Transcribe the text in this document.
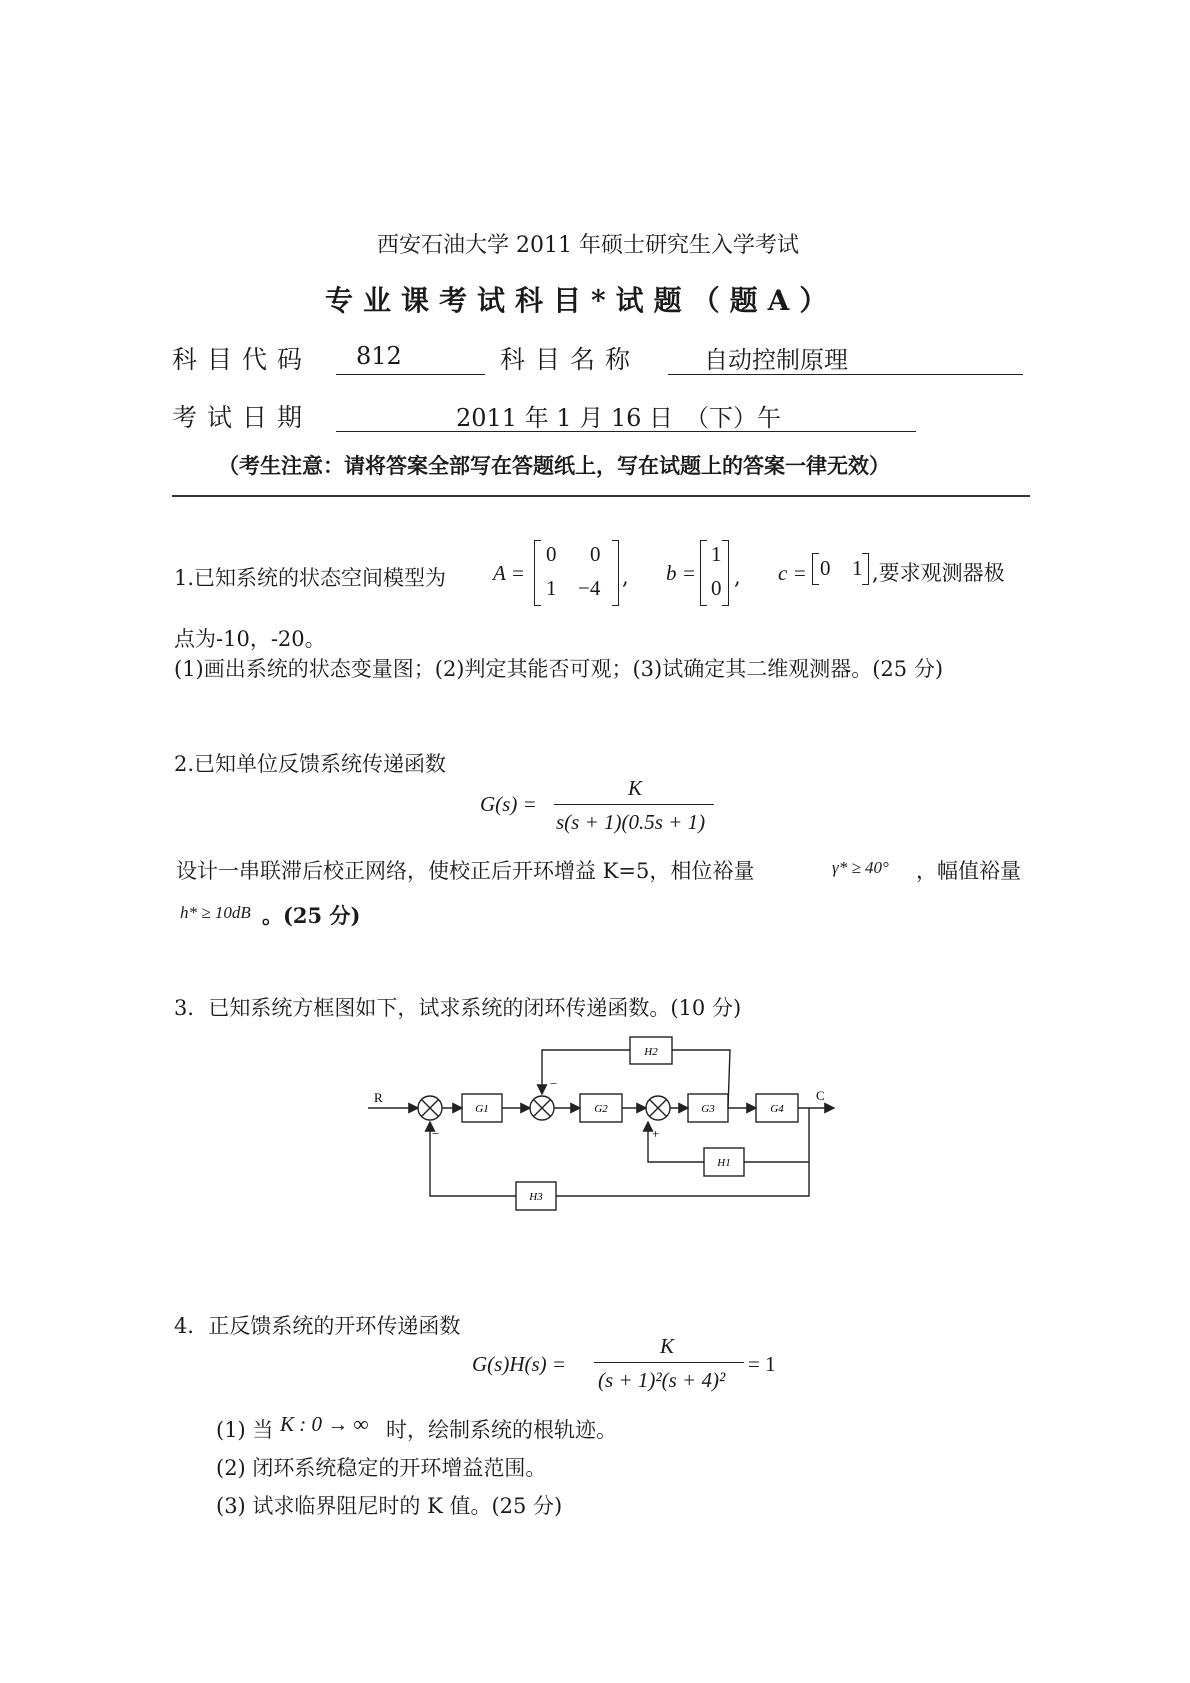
西安石油大学 2011 年硕士研究生入学考试
专业课考试科目*试题（题A）
科目代码 812	科目名称	自动控制原理
考试日期	2011 年 1 月 16 日　（下）午
（考生注意：请将答案全部写在答题纸上，写在试题上的答案一律无效）
1.已知系统的状态空间模型为 A =
0 0
1 −4 , b =
1
0 , c = 0 1 ,要求观测器极
点为-10，-20。
(1)画出系统的状态变量图；(2)判定其能否可观；(3)试确定其二维观测器。(25 分)
2.已知单位反馈系统传递函数
G(s) =
K
s(s + 1)(0.5s + 1)
设计一串联滞后校正网络，使校正后开环增益 K=5，相位裕量	γ* ≥ 40° ，幅值裕量
h* ≥ 10dB 。(25 分)
3．已知系统方框图如下，试求系统的闭环传递函数。(10 分)
R	C
G1	G2	G3	G4
H1
H2
H3
−
−	+
4．正反馈系统的开环传递函数
G(s)H(s) =
K
(s + 1)²(s + 4)²
= 1
(1) 当 K : 0 → ∞ 时，绘制系统的根轨迹。
(2) 闭环系统稳定的开环增益范围。
(3) 试求临界阻尼时的 K 值。(25 分)
